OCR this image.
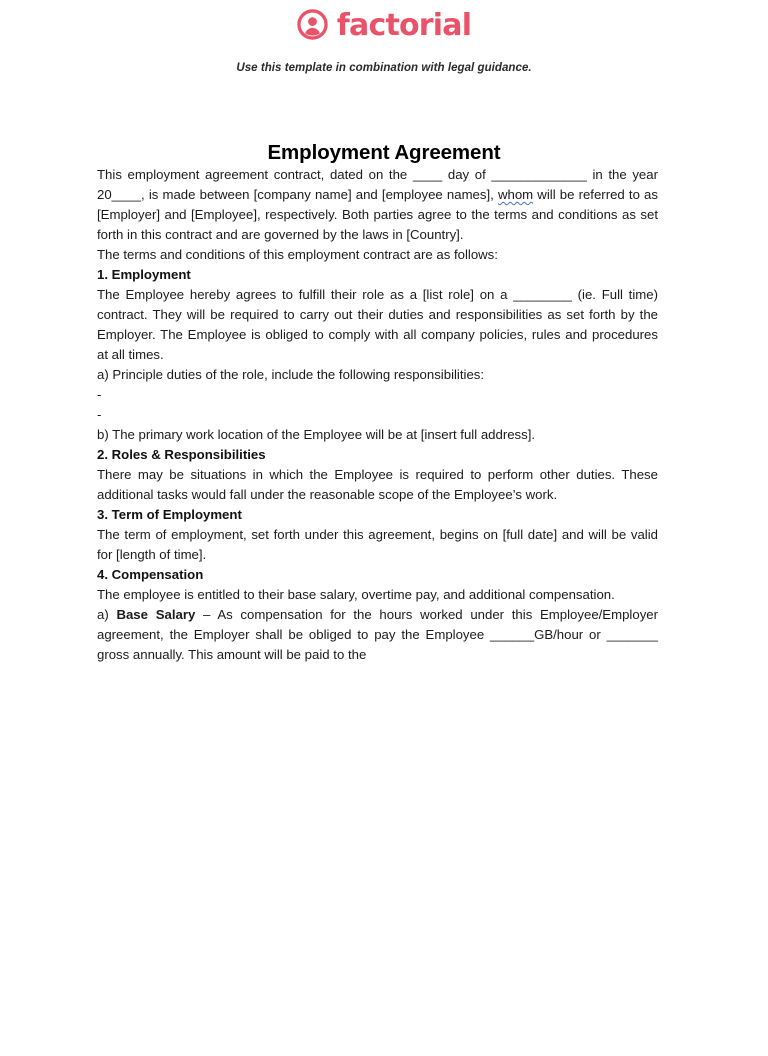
factorial
Use this template in combination with legal guidance.
Employment Agreement

This employment agreement contract, dated on the ____ day of _____________ in the year 20____, is made between [company name] and [employee names], whom will be referred to as [Employer] and [Employee], respectively. Both parties agree to the terms and conditions as set forth in this contract and are governed by the laws in [Country].

The terms and conditions of this employment contract are as follows:

1. Employment

The Employee hereby agrees to fulfill their role as a [list role] on a ________ (ie. Full time) contract. They will be required to carry out their duties and responsibilities as set forth by the Employer. The Employee is obliged to comply with all company policies, rules and procedures at all times.

a) Principle duties of the role, include the following responsibilities:

-

-

b) The primary work location of the Employee will be at [insert full address].

2. Roles & Responsibilities

There may be situations in which the Employee is required to perform other duties. These additional tasks would fall under the reasonable scope of the Employee’s work.

3. Term of Employment

The term of employment, set forth under this agreement, begins on [full date] and will be valid for [length of time].

4. Compensation

The employee is entitled to their base salary, overtime pay, and additional compensation.

a) Base Salary – As compensation for the hours worked under this Employee/Employer agreement, the Employer shall be obliged to pay the Employee ______GB/hour or _______ gross annually. This amount will be paid to the
